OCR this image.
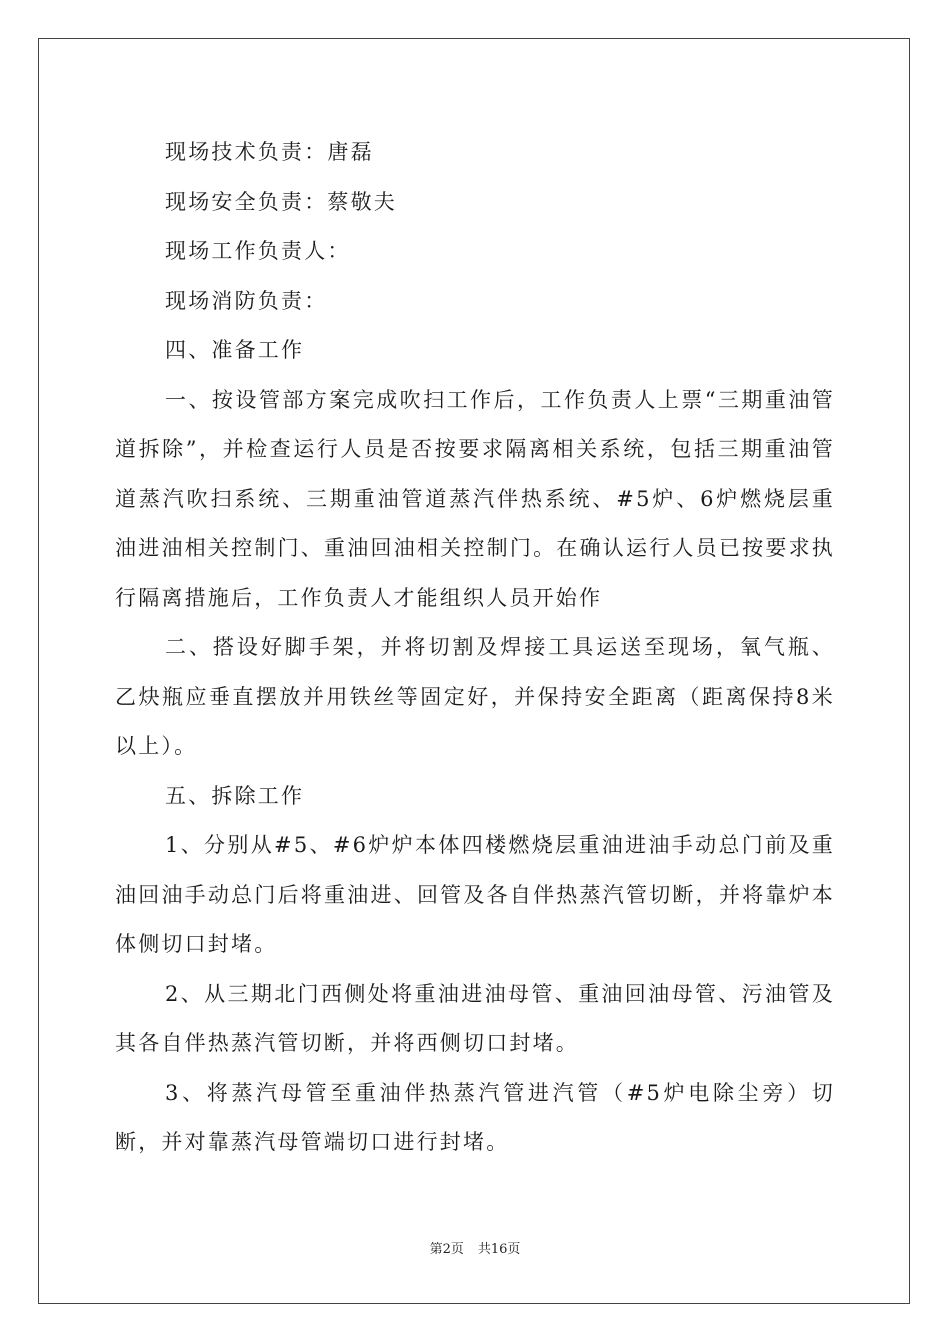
现场技术负责：唐磊

现场安全负责：蔡敬夫

现场工作负责人：

现场消防负责：

四、准备工作

一、按设管部方案完成吹扫工作后，工作负责人上票“三期重油管道拆除”，并检查运行人员是否按要求隔离相关系统，包括三期重油管道蒸汽吹扫系统、三期重油管道蒸汽伴热系统、#5炉、6炉燃烧层重油进油相关控制门、重油回油相关控制门。在确认运行人员已按要求执行隔离措施后，工作负责人才能组织人员开始作

二、搭设好脚手架，并将切割及焊接工具运送至现场，氧气瓶、乙炔瓶应垂直摆放并用铁丝等固定好，并保持安全距离（距离保持8米以上）。

五、拆除工作

1、分别从#5、#6炉炉本体四楼燃烧层重油进油手动总门前及重油回油手动总门后将重油进、回管及各自伴热蒸汽管切断，并将靠炉本体侧切口封堵。

2、从三期北门西侧处将重油进油母管、重油回油母管、污油管及其各自伴热蒸汽管切断，并将西侧切口封堵。

3、将蒸汽母管至重油伴热蒸汽管进汽管（#5炉电除尘旁）切断，并对靠蒸汽母管端切口进行封堵。

第2页 共16页
